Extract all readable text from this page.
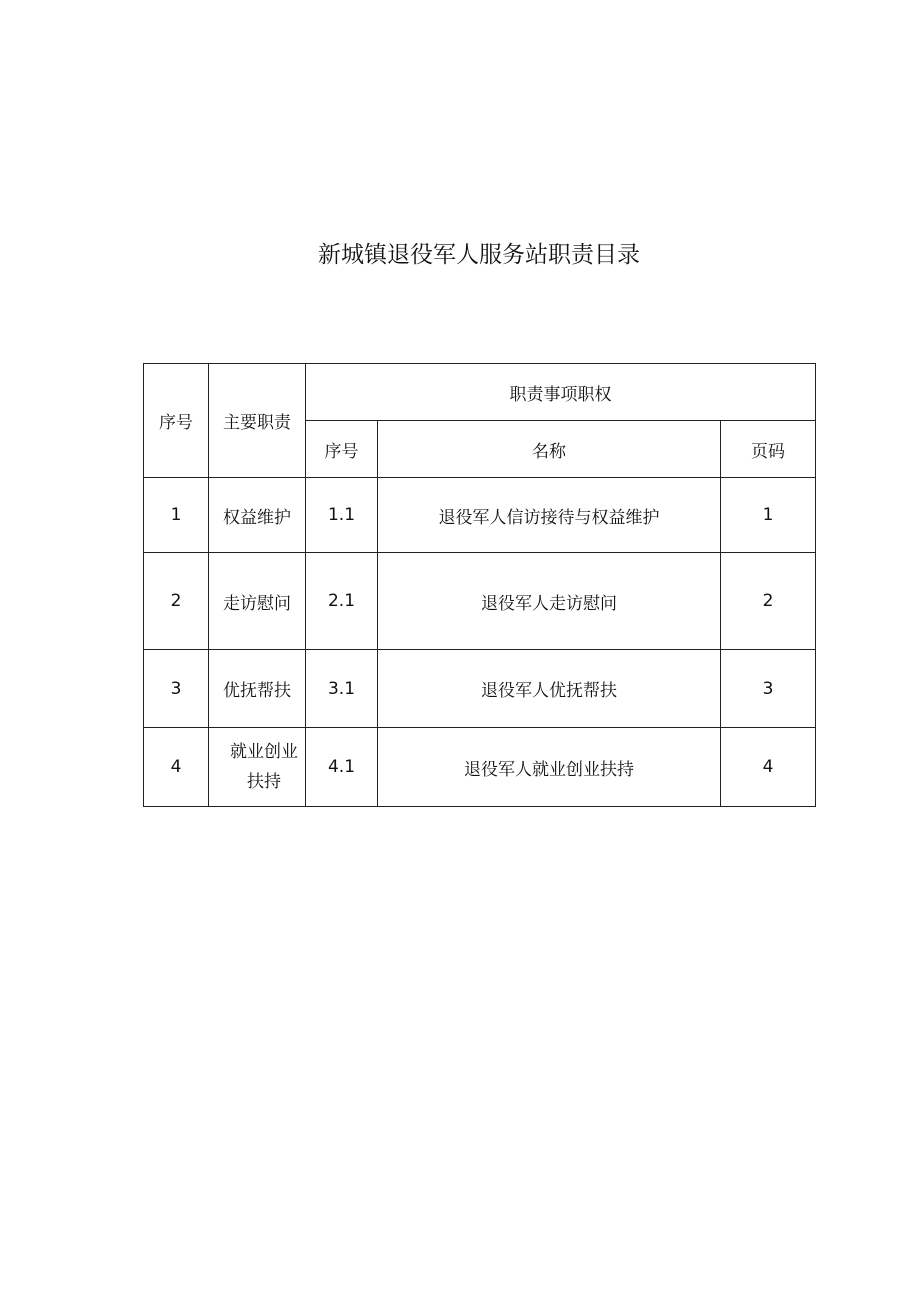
新城镇退役军人服务站职责目录
序号	主要职责	职责事项职权		
		序号	名称	页码
1	权益维护	1.1	退役军人信访接待与权益维护	1
2	走访慰问	2.1	退役军人走访慰问	2
3	优抚帮扶	3.1	退役军人优抚帮扶	3
4	就业创业扶持	4.1	退役军人就业创业扶持	4
